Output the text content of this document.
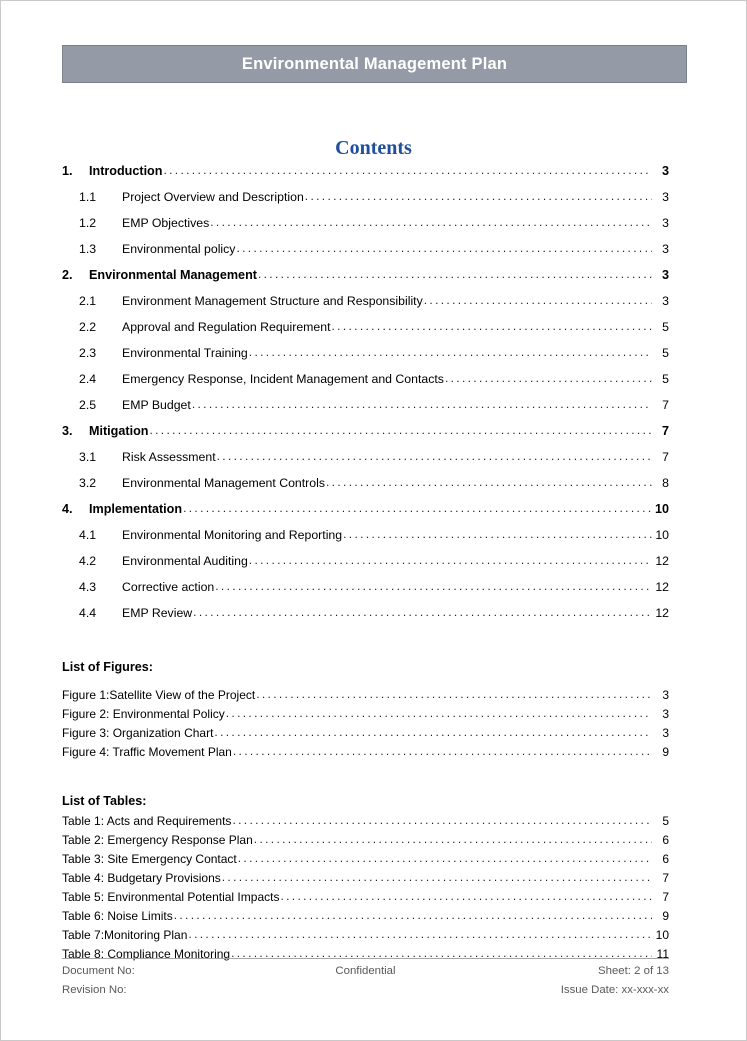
Environmental Management Plan
Contents
1.	Introduction . . .	3
1.1	Project Overview and Description . . .	3
1.2	EMP Objectives . . .	3
1.3	Environmental policy . . .	3
2.	Environmental Management . . .	3
2.1	Environment Management Structure and Responsibility . . .	3
2.2	Approval and Regulation Requirement . . .	5
2.3	Environmental Training . . .	5
2.4	Emergency Response, Incident Management and Contacts . . .	5
2.5	EMP Budget . . .	7
3.	Mitigation . . .	7
3.1	Risk Assessment . . .	7
3.2	Environmental Management Controls . . .	8
4.	Implementation . . .	10
4.1	Environmental Monitoring and Reporting . . .	10
4.2	Environmental Auditing . . .	12
4.3	Corrective action . . .	12
4.4	EMP Review . . .	12
List of Figures:
Figure 1:Satellite View of the Project . . .	3
Figure 2: Environmental Policy . . .	3
Figure 3: Organization Chart . . .	3
Figure 4: Traffic Movement Plan . . .	9
List of Tables:
Table 1: Acts and Requirements . . .	5
Table 2: Emergency Response Plan . . .	6
Table 3: Site Emergency Contact . . .	6
Table 4: Budgetary Provisions . . .	7
Table 5: Environmental Potential Impacts . . .	7
Table 6: Noise Limits . . .	9
Table 7:Monitoring Plan . . .	10
Table 8: Compliance Monitoring . . .	11
Document No:	Confidential	Sheet: 2 of 13
Revision No:	Issue Date: xx-xxx-xx
